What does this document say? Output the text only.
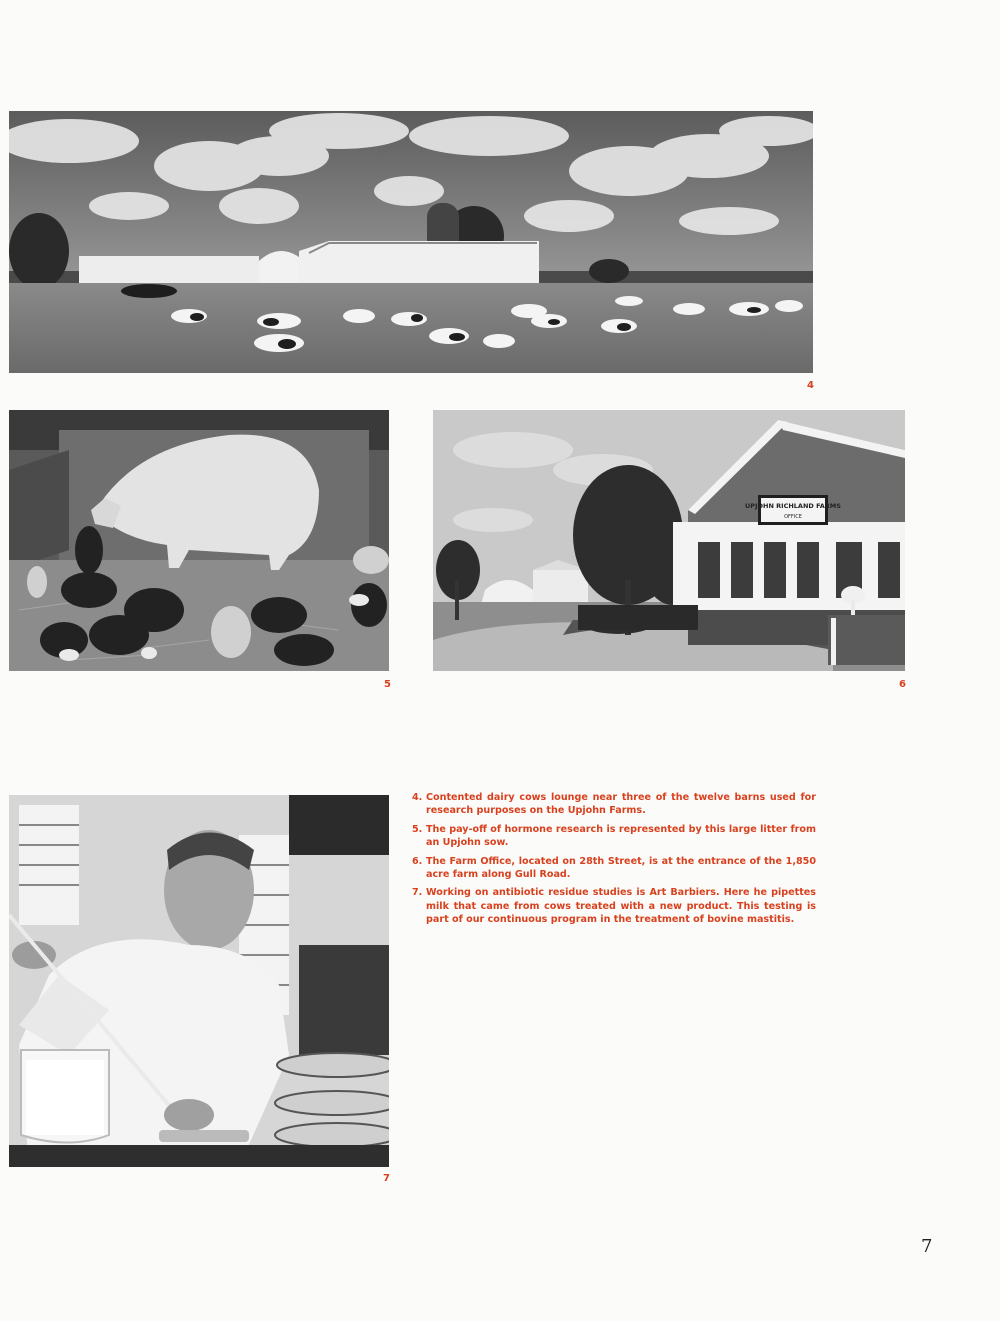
4
5
UPJOHN RICHLAND FARMS
OFFICE
6
7
4. Contented dairy cows lounge near three of the twelve barns used for research purposes on the Upjohn Farms.
5. The pay-off of hormone research is represented by this large litter from an Upjohn sow.
6. The Farm Office, located on 28th Street, is at the entrance of the 1,850 acre farm along Gull Road.
7. Working on antibiotic residue studies is Art Barbiers. Here he pipettes milk that came from cows treated with a new product. This testing is part of our continuous program in the treatment of bovine mastitis.
7
